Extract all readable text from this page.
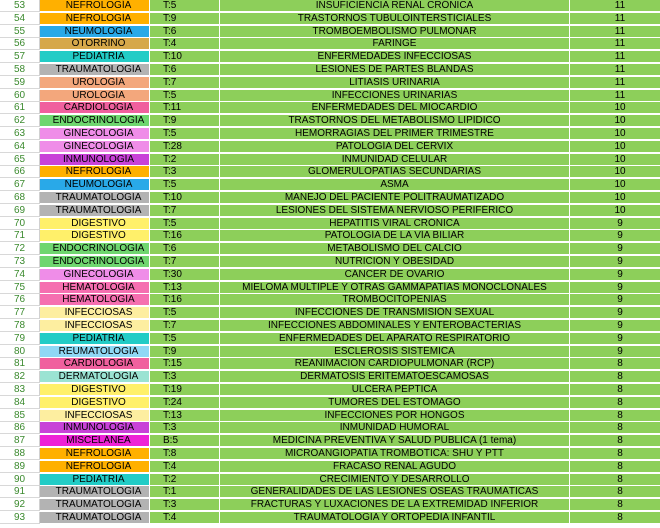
53	NEFROLOGÍA	T:5	INSUFICIENCIA RENAL CRÓNICA	11
54	NEFROLOGÍA	T:9	TRASTORNOS TUBULOINTERSTICIALES	11
55	NEUMOLOGÍA	T:6	TROMBOEMBOLISMO PULMONAR	11
56	OTORRINO	T:4	FARINGE	11
57	PEDIATRÍA	T:10	ENFERMEDADES INFECCIOSAS	11
58	TRAUMATOLOGÍA	T:6	LESIONES DE PARTES BLANDAS	11
59	UROLOGÍA	T:7	LITIASIS URINARIA	11
60	UROLOGÍA	T:5	INFECCIONES URINARIAS	11
61	CARDIOLOGÍA	T:11	ENFERMEDADES DEL MIOCARDIO	10
62	ENDOCRINOLOGÍA	T:9	TRASTORNOS DEL METABOLISMO LIPÍDICO	10
63	GINECOLOGÍA	T:5	HEMORRAGIAS DEL PRIMER TRIMESTRE	10
64	GINECOLOGÍA	T:28	PATOLOGÍA DEL CÉRVIX	10
65	INMUNOLOGÍA	T:2	INMUNIDAD CELULAR	10
66	NEFROLOGÍA	T:3	GLOMERULOPATÍAS SECUNDARIAS	10
67	NEUMOLOGÍA	T:5	ASMA	10
68	TRAUMATOLOGÍA	T:10	MANEJO DEL PACIENTE POLITRAUMATIZADO	10
69	TRAUMATOLOGÍA	T:7	LESIONES DEL SISTEMA NERVIOSO PERIFÉRICO	10
70	DIGESTIVO	T:5	HEPATITIS VIRAL CRÓNICA	9
71	DIGESTIVO	T:16	PATOLOGÍA DE LA VÍA BILIAR	9
72	ENDOCRINOLOGÍA	T:6	METABOLISMO DEL CALCIO	9
73	ENDOCRINOLOGÍA	T:7	NUTRICIÓN Y OBESIDAD	9
74	GINECOLOGÍA	T:30	CÁNCER DE OVARIO	9
75	HEMATOLOGÍA	T:13	MIELOMA MÚLTIPLE Y OTRAS GAMMAPATÍAS MONOCLONALES	9
76	HEMATOLOGÍA	T:16	TROMBOCITOPENIAS	9
77	INFECCIOSAS	T:5	INFECCIONES DE TRANSMISIÓN SEXUAL	9
78	INFECCIOSAS	T:7	INFECCIONES ABDOMINALES Y ENTEROBACTERIAS	9
79	PEDIATRÍA	T:5	ENFERMEDADES DEL APARATO RESPIRATORIO	9
80	REUMATOLOGÍA	T:9	ESCLEROSIS SISTÉMICA	9
81	CARDIOLOGÍA	T:15	REANIMACIÓN CARDIOPULMONAR (RCP)	8
82	DERMATOLOGÍA	T:3	DERMATOSIS ERITEMATOESCAMOSAS	8
83	DIGESTIVO	T:19	ÚLCERA PÉPTICA	8
84	DIGESTIVO	T:24	TUMORES DEL ESTÓMAGO	8
85	INFECCIOSAS	T:13	INFECCIONES POR HONGOS	8
86	INMUNOLOGÍA	T:3	INMUNIDAD HUMORAL	8
87	MISCELÁNEA	B:5	MEDICINA PREVENTIVA Y SALUD PÚBLICA (1 tema)	8
88	NEFROLOGÍA	T:8	MICROANGIOPATÍA TROMBÓTICA: SHU Y PTT	8
89	NEFROLOGÍA	T:4	FRACASO RENAL AGUDO	8
90	PEDIATRÍA	T:2	CRECIMIENTO Y DESARROLLO	8
91	TRAUMATOLOGÍA	T:1	GENERALIDADES DE LAS LESIONES ÓSEAS TRAUMÁTICAS	8
92	TRAUMATOLOGÍA	T:3	FRACTURAS Y LUXACIONES DE LA EXTREMIDAD INFERIOR	8
93	TRAUMATOLOGÍA	T:4	TRAUMATOLOGÍA Y ORTOPEDIA INFANTIL	8
